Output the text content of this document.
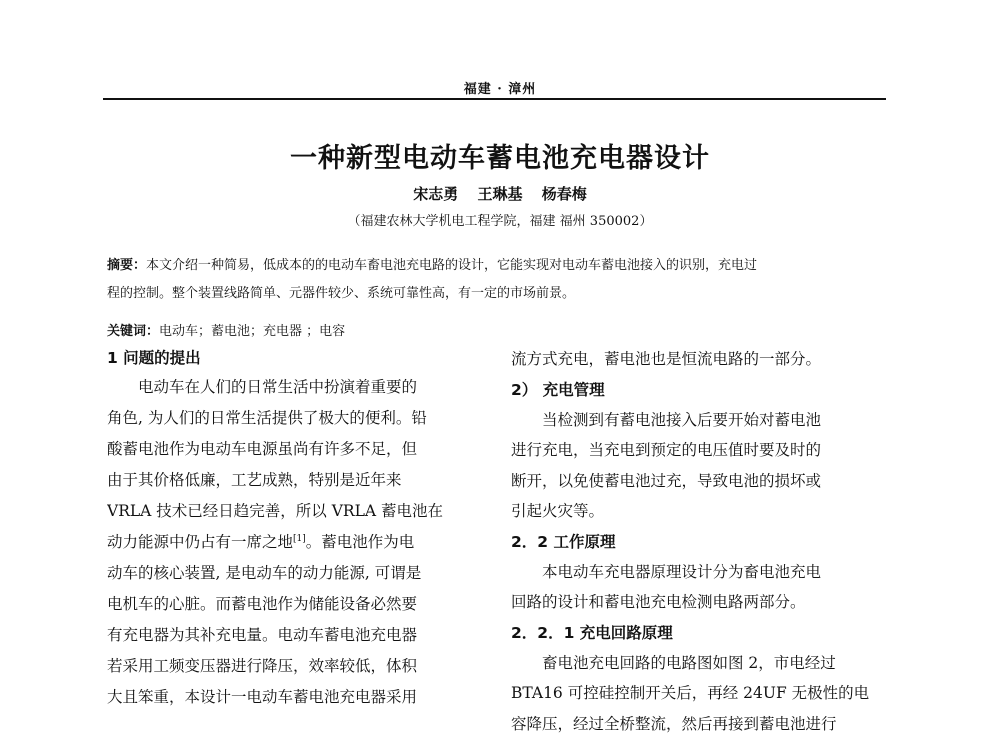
福建 · 漳州
一种新型电动车蓄电池充电器设计
宋志勇 王琳基 杨春梅
（福建农林大学机电工程学院，福建 福州 350002）
摘要：本文介绍一种简易，低成本的的电动车畜电池充电路的设计，它能实现对电动车蓄电池接入的识别，充电过
程的控制。整个装置线路简单、元器件较少、系统可靠性高，有一定的市场前景。
关键词：电动车；蓄电池；充电器 ；电容
1 问题的提出
电动车在人们的日常生活中扮演着重要的
角色, 为人们的日常生活提供了极大的便利。铅
酸蓄电池作为电动车电源虽尚有许多不足，但
由于其价格低廉，工艺成熟，特别是近年来
VRLA 技术已经日趋完善，所以 VRLA 蓄电池在
动力能源中仍占有一席之地[1]。蓄电池作为电
动车的核心装置, 是电动车的动力能源, 可谓是
电机车的心脏。而蓄电池作为储能设备必然要
有充电器为其补充电量。电动车蓄电池充电器
若采用工频变压器进行降压，效率较低，体积
大且笨重，本设计一电动车蓄电池充电器采用
流方式充电，蓄电池也是恒流电路的一部分。
2） 充电管理
当检测到有蓄电池接入后要开始对蓄电池
进行充电，当充电到预定的电压值时要及时的
断开，以免使蓄电池过充，导致电池的损坏或
引起火灾等。
2．2 工作原理
本电动车充电器原理设计分为畜电池充电
回路的设计和蓄电池充电检测电路两部分。
2．2．1 充电回路原理
畜电池充电回路的电路图如图 2，市电经过
BTA16 可控硅控制开关后，再经 24UF 无极性的电
容降压，经过全桥整流，然后再接到蓄电池进行
